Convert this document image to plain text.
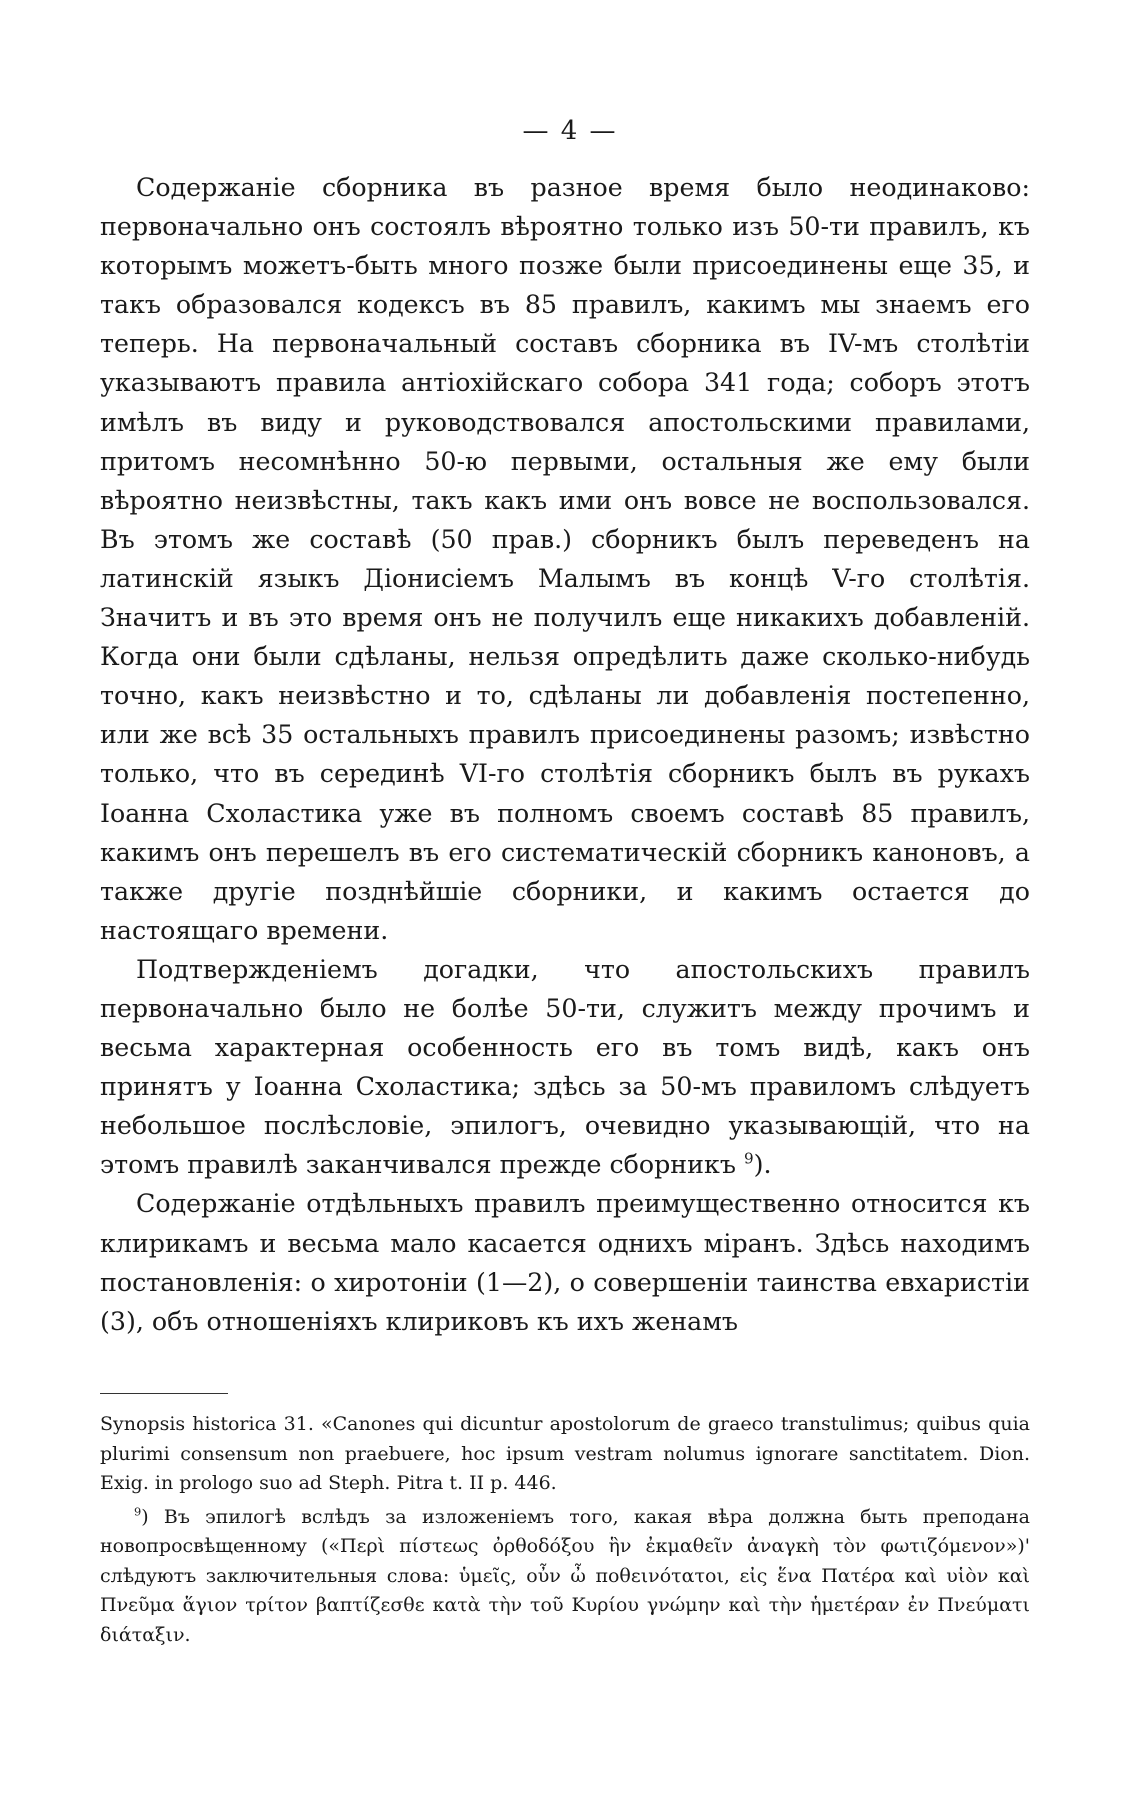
— 4 —

Содержаніе сборника въ разное время было неодинаково: первоначально онъ состоялъ вѣроятно только изъ 50-ти правилъ, къ которымъ можетъ-быть много позже были присоединены еще 35, и такъ образовался кодексъ въ 85 правилъ, какимъ мы знаемъ его теперь. На первоначальный составъ сборника въ IV-мъ столѣтіи указываютъ правила антіохійскаго собора 341 года; соборъ этотъ имѣлъ въ виду и руководствовался апостольскими правилами, притомъ несомнѣнно 50-ю первыми, остальныя же ему были вѣроятно неизвѣстны, такъ какъ ими онъ вовсе не воспользовался. Въ этомъ же составѣ (50 прав.) сборникъ былъ переведенъ на латинскій языкъ Діонисіемъ Малымъ въ концѣ V-го столѣтія. Значитъ и въ это время онъ не получилъ еще никакихъ добавленій. Когда они были сдѣланы, нельзя опредѣлить даже сколько-нибудь точно, какъ неизвѣстно и то, сдѣланы ли добавленія постепенно, или же всѣ 35 остальныхъ правилъ присоединены разомъ; извѣстно только, что въ серединѣ VI-го столѣтія сборникъ былъ въ рукахъ Іоанна Схоластика уже въ полномъ своемъ составѣ 85 правилъ, какимъ онъ перешелъ въ его систематическій сборникъ каноновъ, а также другіе позднѣйшіе сборники, и какимъ остается до настоящаго времени.

Подтвержденіемъ догадки, что апостольскихъ правилъ первоначально было не болѣе 50-ти, служитъ между прочимъ и весьма характерная особенность его въ томъ видѣ, какъ онъ принятъ у Іоанна Схоластика; здѣсь за 50-мъ правиломъ слѣдуетъ небольшое послѣсловіе, эпилогъ, очевидно указывающій, что на этомъ правилѣ заканчивался прежде сборникъ $^9$).

Содержаніе отдѣльныхъ правилъ преимущественно относится къ клирикамъ и весьма мало касается однихъ міранъ. Здѣсь находимъ постановленія: о хиротоніи (1—2), о совершеніи таинства евхаристіи (3), объ отношеніяхъ клириковъ къ ихъ женамъ

Synopsis historica 31. «Canones qui dicuntur apostolorum de graeco transtulimus; quibus quia plurimi consensum non praebuere, hoc ipsum vestram nolumus ignorare sanctitatem. Dion. Exig. in prologo suo ad Steph. Pitra t. II p. 446.

$^9$) Въ эпилогѣ вслѣдъ за изложеніемъ того, какая вѣра должна быть преподана новопросвѣщенному («Περὶ πίστεως ὀρθοδόξου ἣν ἐκμαθεῖν ἀναγκὴ τὸν φωτιζόμενον»)' слѣдуютъ заключительныя слова: ὑμεῖς, οὖν ὦ ποθεινότατοι, εἰς ἕνα Πατέρα καὶ υἱὸν καὶ Πνεῦμα ἅγιον τρίτον βαπτίζεσθε κατὰ τὴν τοῦ Κυρίου γνώμην καὶ τὴν ἡμετέραν ἐν Πνεύματι διάταξιν.
